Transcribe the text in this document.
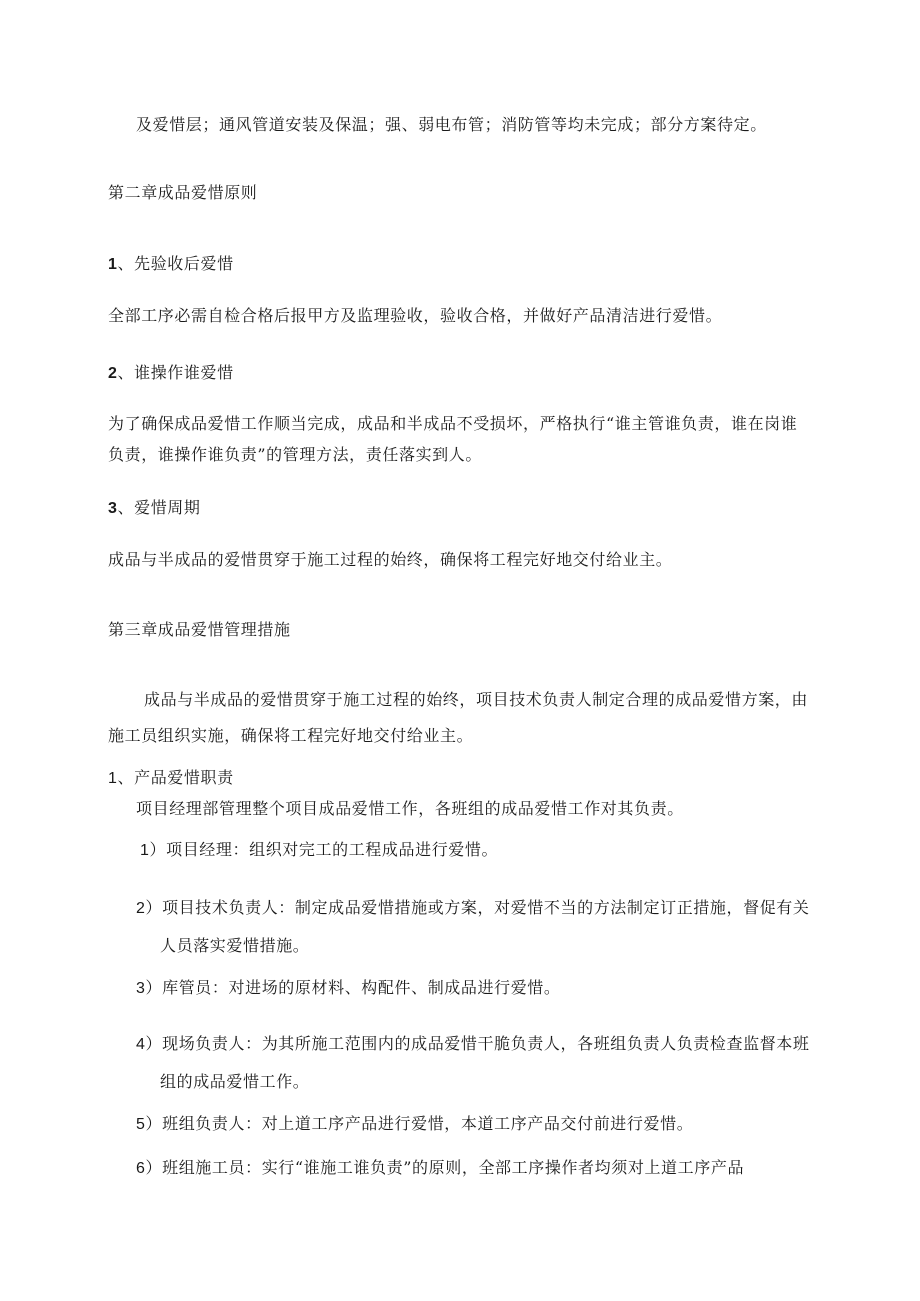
及爱惜层；通风管道安装及保温；强、弱电布管；消防管等均未完成；部分方案待定。
第二章成品爱惜原则
1、先验收后爱惜
全部工序必需自检合格后报甲方及监理验收，验收合格，并做好产品清洁进行爱惜。
2、谁操作谁爱惜
为了确保成品爱惜工作顺当完成，成品和半成品不受损坏，严格执行“谁主管谁负责，谁在岗谁
负责，谁操作谁负责”的管理方法，责任落实到人。
3、爱惜周期
成品与半成品的爱惜贯穿于施工过程的始终，确保将工程完好地交付给业主。
第三章成品爱惜管理措施
成品与半成品的爱惜贯穿于施工过程的始终，项目技术负责人制定合理的成品爱惜方案，由
施工员组织实施，确保将工程完好地交付给业主。
1、产品爱惜职责
项目经理部管理整个项目成品爱惜工作，各班组的成品爱惜工作对其负责。
1）项目经理：组织对完工的工程成品进行爱惜。
2）项目技术负责人：制定成品爱惜措施或方案，对爱惜不当的方法制定订正措施，督促有关
人员落实爱惜措施。
3）库管员：对进场的原材料、构配件、制成品进行爱惜。
4）现场负责人：为其所施工范围内的成品爱惜干脆负责人，各班组负责人负责检查监督本班
组的成品爱惜工作。
5）班组负责人：对上道工序产品进行爱惜，本道工序产品交付前进行爱惜。
6）班组施工员：实行“谁施工谁负责”的原则，全部工序操作者均须对上道工序产品
